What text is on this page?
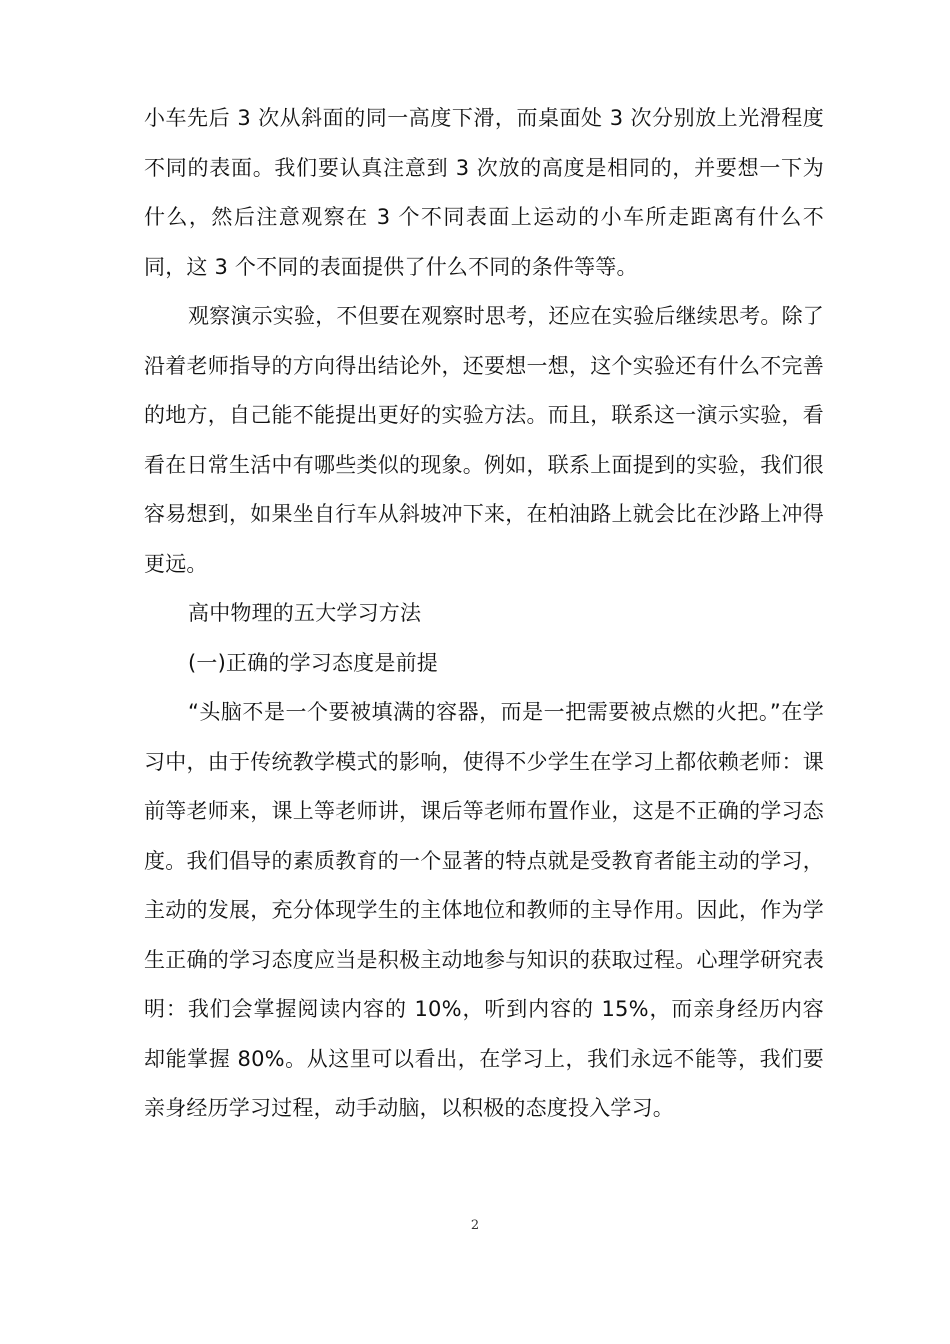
小车先后 3 次从斜面的同一高度下滑，而桌面处 3 次分别放上光滑程度不同的表面。我们要认真注意到 3 次放的高度是相同的，并要想一下为什么，然后注意观察在 3 个不同表面上运动的小车所走距离有什么不同，这 3 个不同的表面提供了什么不同的条件等等。

观察演示实验，不但要在观察时思考，还应在实验后继续思考。除了沿着老师指导的方向得出结论外，还要想一想，这个实验还有什么不完善的地方，自己能不能提出更好的实验方法。而且，联系这一演示实验，看看在日常生活中有哪些类似的现象。例如，联系上面提到的实验，我们很容易想到，如果坐自行车从斜坡冲下来，在柏油路上就会比在沙路上冲得更远。

高中物理的五大学习方法

(一)正确的学习态度是前提

“头脑不是一个要被填满的容器，而是一把需要被点燃的火把。”在学习中，由于传统教学模式的影响，使得不少学生在学习上都依赖老师：课前等老师来，课上等老师讲，课后等老师布置作业，这是不正确的学习态度。我们倡导的素质教育的一个显著的特点就是受教育者能主动的学习，主动的发展，充分体现学生的主体地位和教师的主导作用。因此，作为学生正确的学习态度应当是积极主动地参与知识的获取过程。心理学研究表明：我们会掌握阅读内容的 10%，听到内容的 15%，而亲身经历内容却能掌握 80%。从这里可以看出，在学习上，我们永远不能等，我们要亲身经历学习过程，动手动脑，以积极的态度投入学习。

2
